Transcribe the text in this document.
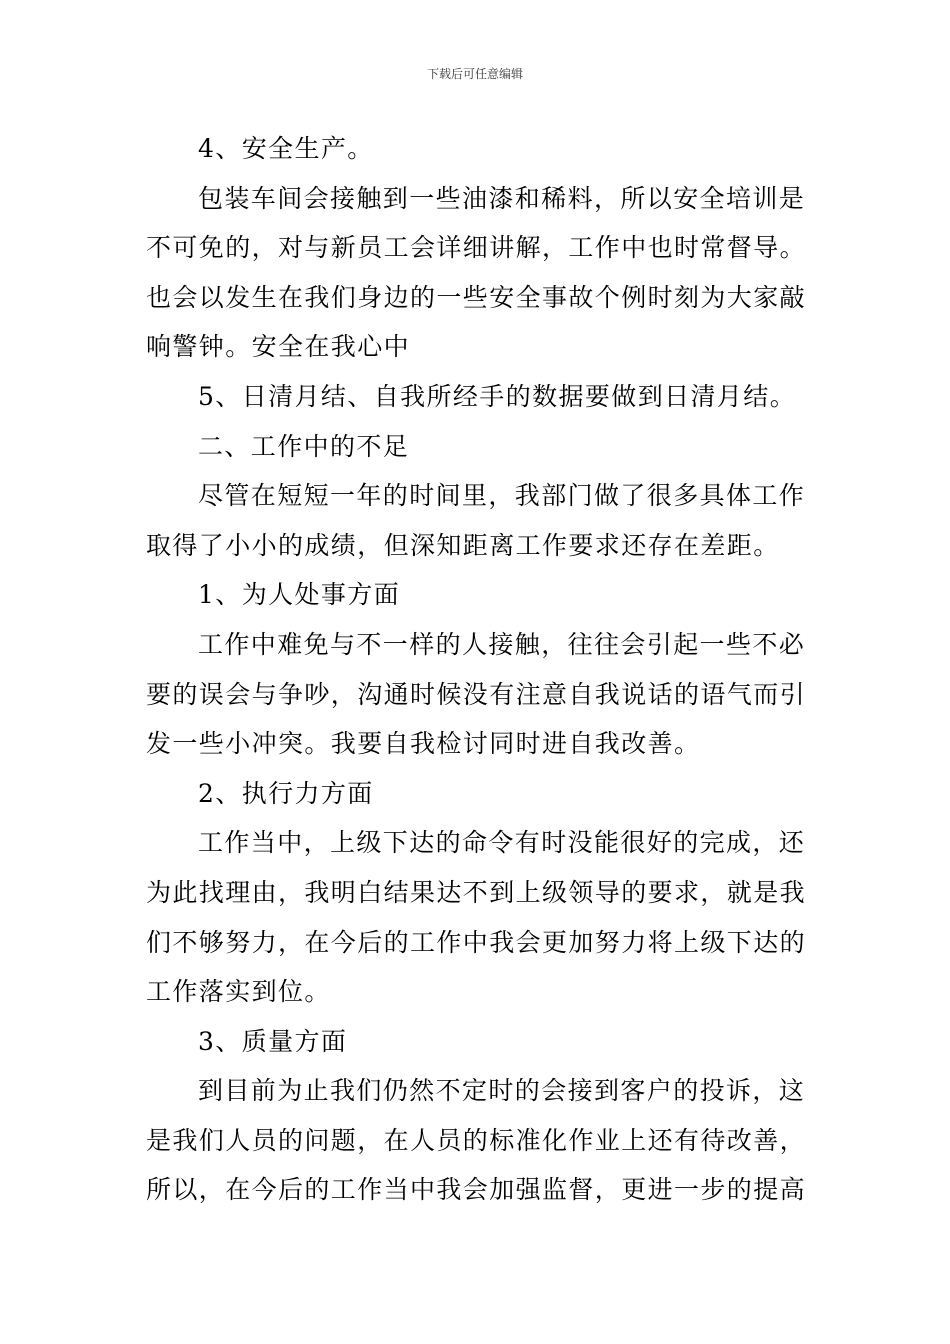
下载后可任意编辑
4、安全生产。
包装车间会接触到一些油漆和稀料，所以安全培训是
不可免的，对与新员工会详细讲解，工作中也时常督导。
也会以发生在我们身边的一些安全事故个例时刻为大家敲
响警钟。安全在我心中
5、日清月结、自我所经手的数据要做到日清月结。
二、工作中的不足
尽管在短短一年的时间里，我部门做了很多具体工作
取得了小小的成绩，但深知距离工作要求还存在差距。
1、为人处事方面
工作中难免与不一样的人接触，往往会引起一些不必
要的误会与争吵，沟通时候没有注意自我说话的语气而引
发一些小冲突。我要自我检讨同时进自我改善。
2、执行力方面
工作当中，上级下达的命令有时没能很好的完成，还
为此找理由，我明白结果达不到上级领导的要求，就是我
们不够努力，在今后的工作中我会更加努力将上级下达的
工作落实到位。
3、质量方面
到目前为止我们仍然不定时的会接到客户的投诉，这
是我们人员的问题，在人员的标准化作业上还有待改善，
所以，在今后的工作当中我会加强监督，更进一步的提高
